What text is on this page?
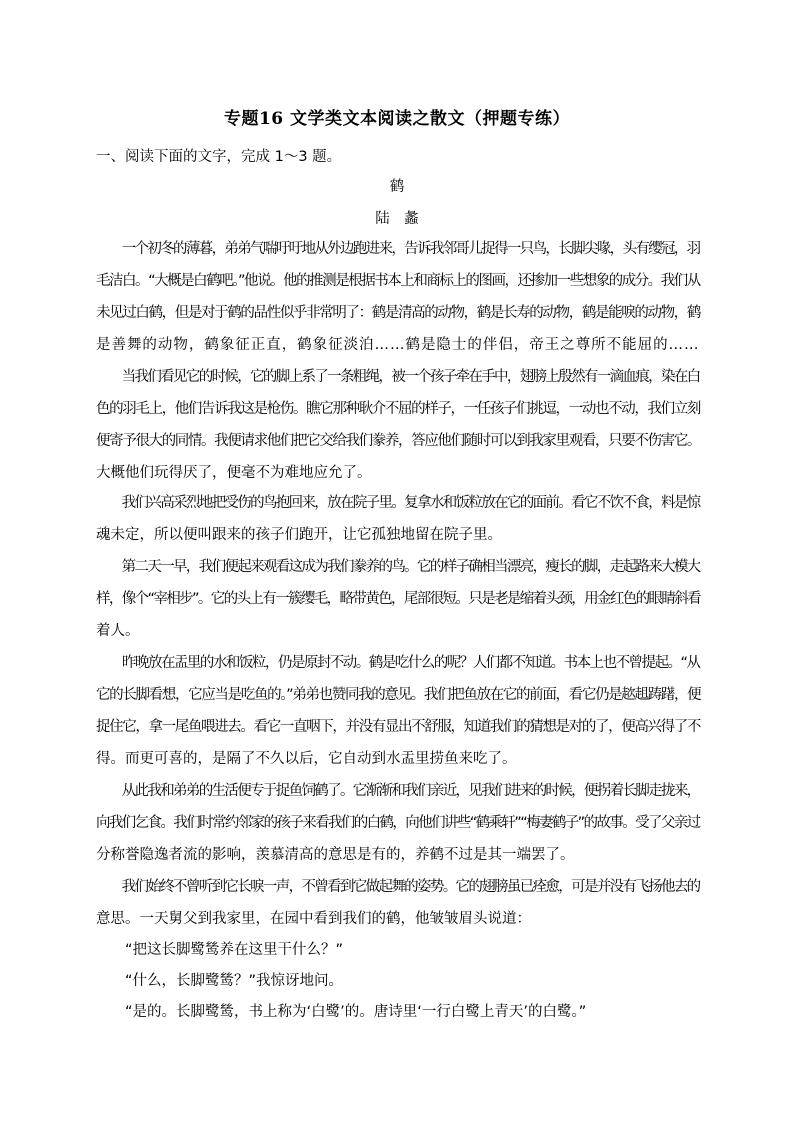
专题16 文学类文本阅读之散文（押题专练）
一、阅读下面的文字，完成 1～3 题。
鹤
陆　蠡
　　一个初冬的薄暮，弟弟气喘吁吁地从外边跑进来，告诉我邻哥儿捉得一只鸟，长脚尖喙，头有缨冠，羽
毛洁白。“大概是白鹤吧。”他说。他的推测是根据书本上和商标上的图画，还掺加一些想象的成分。我们从
未见过白鹤，但是对于鹤的品性似乎非常明了：鹤是清高的动物，鹤是长寿的动物，鹤是能唳的动物，鹤
是善舞的动物，鹤象征正直，鹤象征淡泊……鹤是隐士的伴侣，帝王之尊所不能屈的……
　　当我们看见它的时候，它的脚上系了一条粗绳，被一个孩子牵在手中，翅膀上殷然有一滴血痕，染在白
色的羽毛上，他们告诉我这是枪伤。瞧它那种耿介不屈的样子，一任孩子们挑逗，一动也不动，我们立刻
便寄予很大的同情。我便请求他们把它交给我们豢养，答应他们随时可以到我家里观看，只要不伤害它。
大概他们玩得厌了，便毫不为难地应允了。
　　我们兴高采烈地把受伤的鸟抱回来，放在院子里。复拿水和饭粒放在它的面前。看它不饮不食，料是惊
魂未定，所以便叫跟来的孩子们跑开，让它孤独地留在院子里。
　　第二天一早，我们便起来观看这成为我们豢养的鸟。它的样子确相当漂亮，瘦长的脚，走起路来大模大
样，像个“宰相步”。它的头上有一簇缨毛，略带黄色，尾部很短。只是老是缩着头颈，用金红色的眼睛斜看
着人。
　　昨晚放在盂里的水和饭粒，仍是原封不动。鹤是吃什么的呢？人们都不知道。书本上也不曾提起。“从
它的长脚看想，它应当是吃鱼的。”弟弟也赞同我的意见。我们把鱼放在它的前面，看它仍是趑趄踌躇，便
捉住它，拿一尾鱼喂进去。看它一直咽下，并没有显出不舒服，知道我们的猜想是对的了，便高兴得了不
得。而更可喜的，是隔了不久以后，它自动到水盂里捞鱼来吃了。
　　从此我和弟弟的生活便专于捉鱼饲鹤了。它渐渐和我们亲近，见我们进来的时候，便拐着长脚走拢来，
向我们乞食。我们时常约邻家的孩子来看我们的白鹤，向他们讲些“鹤乘轩”“梅妻鹤子”的故事。受了父亲过
分称誉隐逸者流的影响，羡慕清高的意思是有的，养鹤不过是其一端罢了。
　　我们始终不曾听到它长唳一声，不曾看到它做起舞的姿势。它的翅膀虽已痊愈，可是并没有飞扬他去的
意思。一天舅父到我家里，在园中看到我们的鹤，他皱皱眉头说道：
　　“把这长脚鹭鸶养在这里干什么？”
　　“什么，长脚鹭鸶？”我惊讶地问。
　　“是的。长脚鹭鸶，书上称为‘白鹭’的。唐诗里‘一行白鹭上青天’的白鹭。”
